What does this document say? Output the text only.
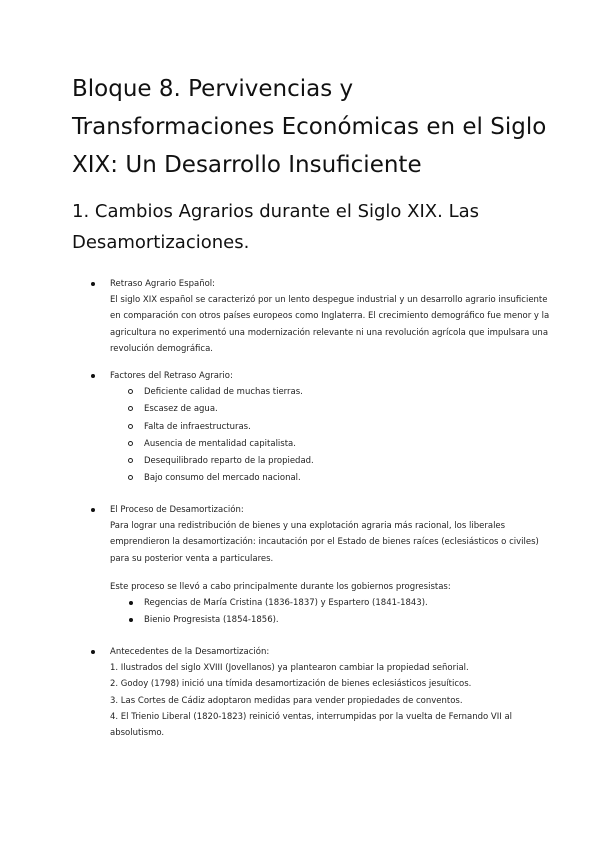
Bloque 8. Pervivencias y Transformaciones Económicas en el Siglo XIX: Un Desarrollo Insuficiente
1. Cambios Agrarios durante el Siglo XIX. Las Desamortizaciones.

Retraso Agrario Español:

El siglo XIX español se caracterizó por un lento despegue industrial y un desarrollo agrario insuficiente en comparación con otros países europeos como Inglaterra. El crecimiento demográfico fue menor y la agricultura no experimentó una modernización relevante ni una revolución agrícola que impulsara una revolución demográfica.

Factores del Retraso Agrario:

Deficiente calidad de muchas tierras.
Escasez de agua.
Falta de infraestructuras.
Ausencia de mentalidad capitalista.
Desequilibrado reparto de la propiedad.
Bajo consumo del mercado nacional.

El Proceso de Desamortización:

Para lograr una redistribución de bienes y una explotación agraria más racional, los liberales emprendieron la desamortización: incautación por el Estado de bienes raíces (eclesiásticos o civiles) para su posterior venta a particulares.

Este proceso se llevó a cabo principalmente durante los gobiernos progresistas:

Regencias de María Cristina (1836-1837) y Espartero (1841-1843).
Bienio Progresista (1854-1856).

Antecedentes de la Desamortización:

1. Ilustrados del siglo XVIII (Jovellanos) ya plantearon cambiar la propiedad señorial.

2. Godoy (1798) inició una tímida desamortización de bienes eclesiásticos jesuíticos.

3. Las Cortes de Cádiz adoptaron medidas para vender propiedades de conventos.

4. El Trienio Liberal (1820-1823) reinició ventas, interrumpidas por la vuelta de Fernando VII al absolutismo.
